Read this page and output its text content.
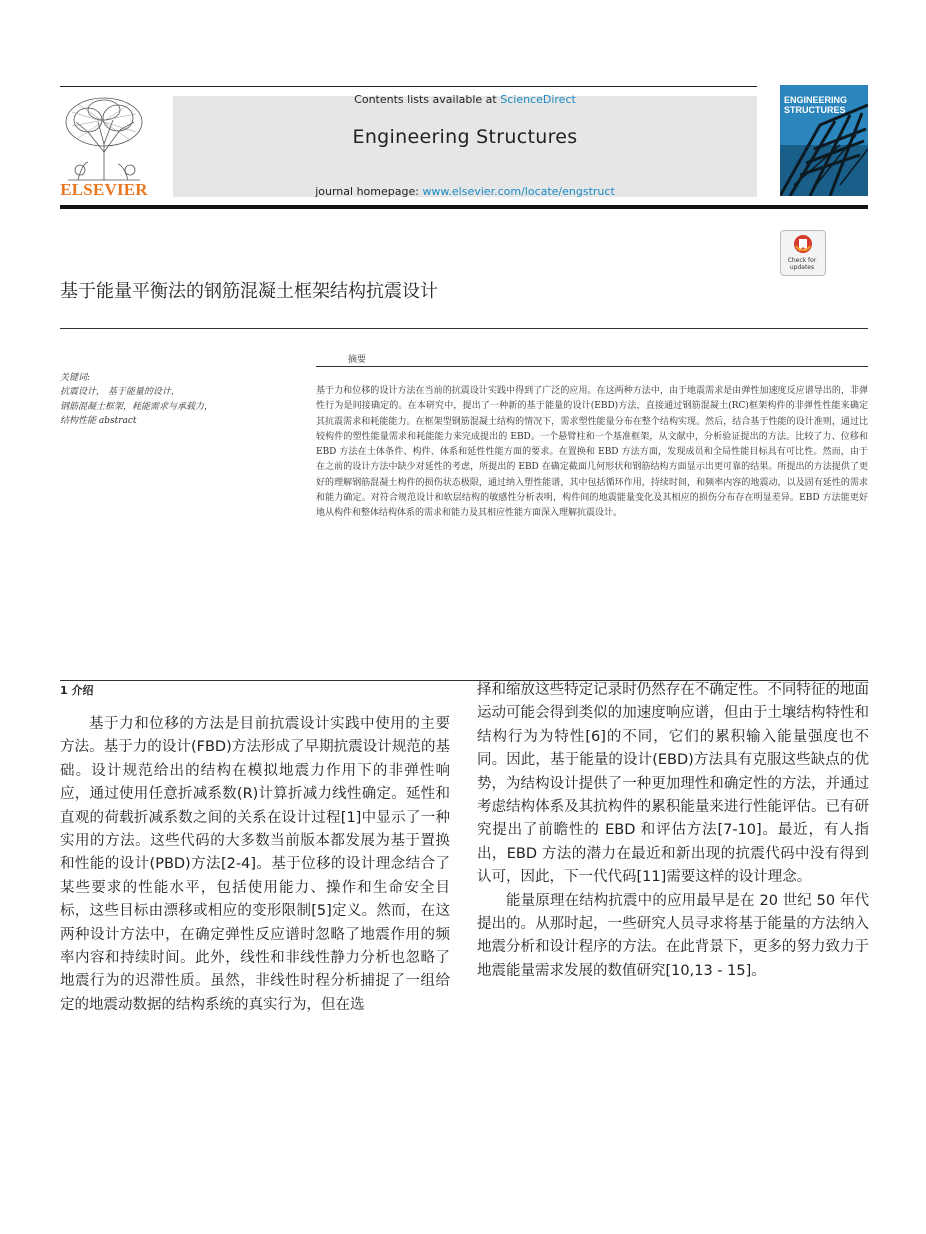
ELSEVIER
Contents lists available at ScienceDirect
Engineering Structures
journal homepage: www.elsevier.com/locate/engstruct
ENGINEERING
STRUCTURES
Check for
updates
基于能量平衡法的钢筋混凝土框架结构抗震设计
关键词:
抗震设计， 基于能量的设计，
钢筋混凝土框架，耗能需求与承载力，
结构性能 abstract
摘要
基于力和位移的设计方法在当前的抗震设计实践中得到了广泛的应用。在这两种方法中，由于地震需求是由弹性加速度反应谱导出的，非弹性行为是间接确定的。在本研究中，提出了一种新的基于能量的设计(EBD)方法，直接通过钢筋混凝土(RC)框架构件的非弹性性能来确定其抗震需求和耗能能力。在框架型钢筋混凝土结构的情况下，需求塑性能量分布在整个结构实现。然后，结合基于性能的设计准则，通过比较构件的塑性能量需求和耗能能力来完成提出的 EBD。一个悬臂柱和一个基准框架，从文献中，分析验证提出的方法。比较了力、位移和 EBD 方法在土体条件、构件、体系和延性性能方面的要求。在置换和 EBD 方法方面，发现成员和全局性能目标具有可比性。然而，由于在之前的设计方法中缺少对延性的考虑，所提出的 EBD 在确定截面几何形状和钢筋结构方面显示出更可靠的结果。所提出的方法提供了更好的理解钢筋混凝土构件的损伤状态极限，通过纳入塑性能谱，其中包括循环作用，持续时间，和频率内容的地震动，以及固有延性的需求和能力确定。对符合规范设计和软层结构的敏感性分析表明，构件间的地震能量变化及其相应的损伤分布存在明显差异。EBD 方法能更好地从构件和整体结构体系的需求和能力及其相应性能方面深入理解抗震设计。
1 介绍

基于力和位移的方法是目前抗震设计实践中使用的主要方法。基于力的设计(FBD)方法形成了早期抗震设计规范的基础。设计规范给出的结构在模拟地震力作用下的非弹性响应，通过使用任意折减系数(R)计算折减力线性确定。延性和直观的荷载折减系数之间的关系在设计过程[1]中显示了一种实用的方法。这些代码的大多数当前版本都发展为基于置换和性能的设计(PBD)方法[2-4]。基于位移的设计理念结合了某些要求的性能水平，包括使用能力、操作和生命安全目标，这些目标由漂移或相应的变形限制[5]定义。然而，在这两种设计方法中，在确定弹性反应谱时忽略了地震作用的频率内容和持续时间。此外，线性和非线性静力分析也忽略了地震行为的迟滞性质。虽然，非线性时程分析捕捉了一组给定的地震动数据的结构系统的真实行为，但在选

择和缩放这些特定记录时仍然存在不确定性。不同特征的地面运动可能会得到类似的加速度响应谱，但由于土壤结构特性和结构行为为特性[6]的不同，它们的累积输入能量强度也不同。因此，基于能量的设计(EBD)方法具有克服这些缺点的优势，为结构设计提供了一种更加理性和确定性的方法，并通过考虑结构体系及其抗构件的累积能量来进行性能评估。已有研究提出了前瞻性的 EBD 和评估方法[7-10]。最近，有人指出，EBD 方法的潜力在最近和新出现的抗震代码中没有得到认可，因此，下一代代码[11]需要这样的设计理念。

能量原理在结构抗震中的应用最早是在 20 世纪 50 年代提出的。从那时起，一些研究人员寻求将基于能量的方法纳入地震分析和设计程序的方法。在此背景下，更多的努力致力于地震能量需求发展的数值研究[10,13 - 15]。
